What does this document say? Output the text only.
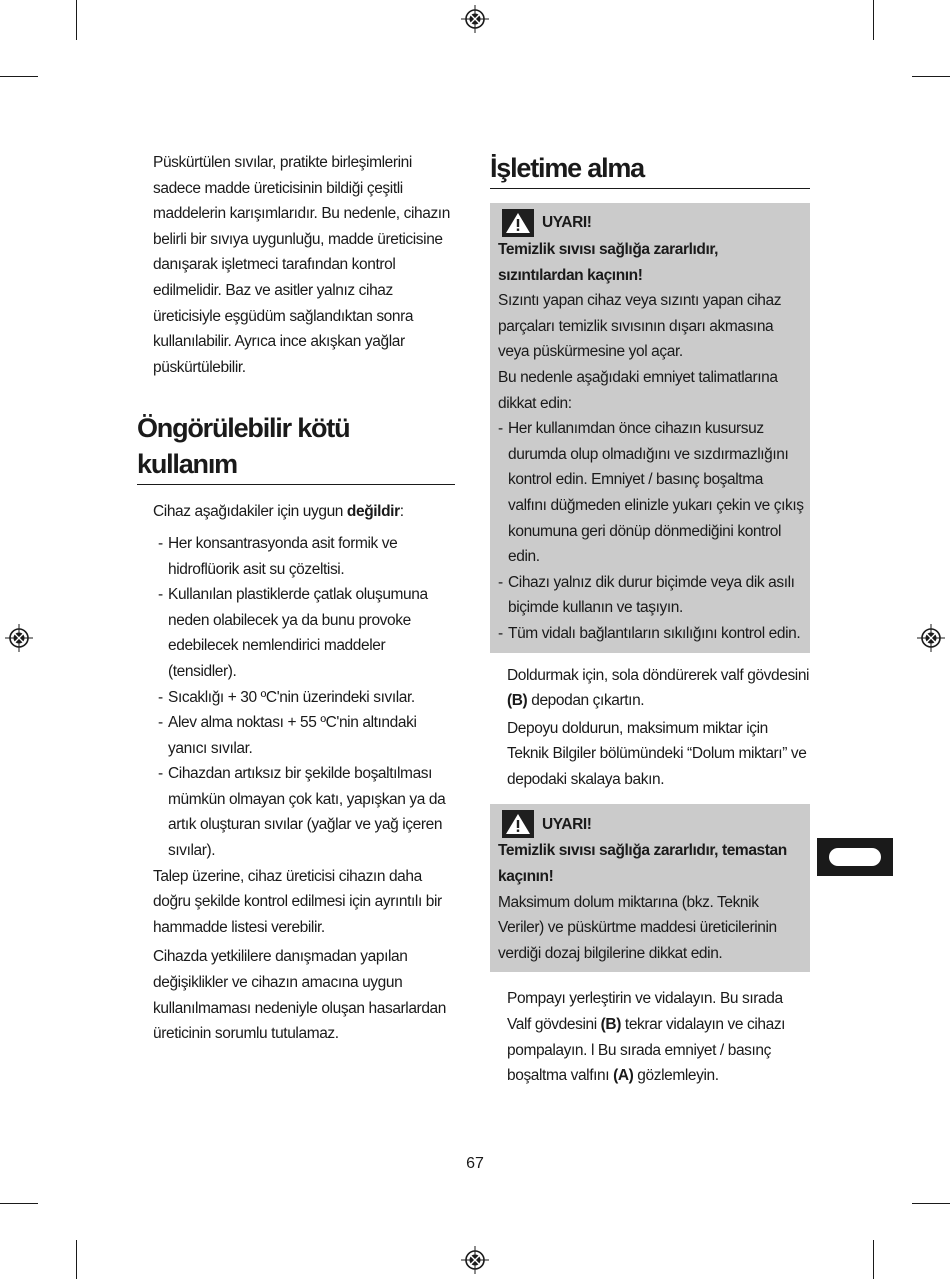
Püskürtülen sıvılar, pratikte birleşimlerini sadece madde üreticisinin bildiği çeşitli maddelerin karışımlarıdır. Bu nedenle, cihazın belirli bir sıvıya uygunluğu, madde üreticisine danışarak işletmeci tarafından kontrol edilmelidir. Baz ve asitler yalnız cihaz üreticisiyle eşgüdüm sağlandıktan sonra kullanılabilir. Ayrıca ince akışkan yağlar püskürtülebilir.

Öngörülebilir kötü kullanım

Cihaz aşağıdakiler için uygun değildir:

- Her konsantrasyonda asit formik ve hidroflüorik asit su çözeltisi.
- Kullanılan plastiklerde çatlak oluşumuna neden olabilecek ya da bunu provoke edebilecek nemlendirici maddeler (tensidler).
- Sıcaklığı + 30 ºC'nin üzerindeki sıvılar.
- Alev alma noktası + 55 ºC'nin altındaki yanıcı sıvılar.
- Cihazdan artıksız bir şekilde boşaltılması mümkün olmayan çok katı, yapışkan ya da artık oluşturan sıvılar (yağlar ve yağ içeren sıvılar).

Talep üzerine, cihaz üreticisi cihazın daha doğru şekilde kontrol edilmesi için ayrıntılı bir hammadde listesi verebilir.

Cihazda yetkililere danışmadan yapılan değişiklikler ve cihazın amacına uygun kullanılmaması nedeniyle oluşan hasarlardan üreticinin sorumlu tutulamaz.

İşletime alma
UYARI!

Temizlik sıvısı sağlığa zararlıdır, sızıntılardan kaçının!

Sızıntı yapan cihaz veya sızıntı yapan cihaz parçaları temizlik sıvısının dışarı akmasına veya püskürmesine yol açar.

Bu nedenle aşağıdaki emniyet talimatlarına dikkat edin:

- Her kullanımdan önce cihazın kusursuz durumda olup olmadığını ve sızdırmazlığını kontrol edin. Emniyet / basınç boşaltma valfını düğmeden elinizle yukarı çekin ve çıkış konumuna geri dönüp dönmediğini kontrol edin.
- Cihazı yalnız dik durur biçimde veya dik asılı biçimde kullanın ve taşıyın.
- Tüm vidalı bağlantıların sıkılığını kontrol edin.

Doldurmak için, sola döndürerek valf gövdesini (B) depodan çıkartın.

Depoyu doldurun, maksimum miktar için Teknik Bilgiler bölümündeki “Dolum miktarı” ve depodaki skalaya bakın.

UYARI!

Temizlik sıvısı sağlığa zararlıdır, temastan kaçının!

Maksimum dolum miktarına (bkz. Teknik Veriler) ve püskürtme maddesi üreticilerinin verdiği dozaj bilgilerine dikkat edin.

Pompayı yerleştirin ve vidalayın. Bu sırada Valf gövdesini (B) tekrar vidalayın ve cihazı pompalayın. l Bu sırada emniyet / basınç boşaltma valfını (A) gözlemleyin.

67
